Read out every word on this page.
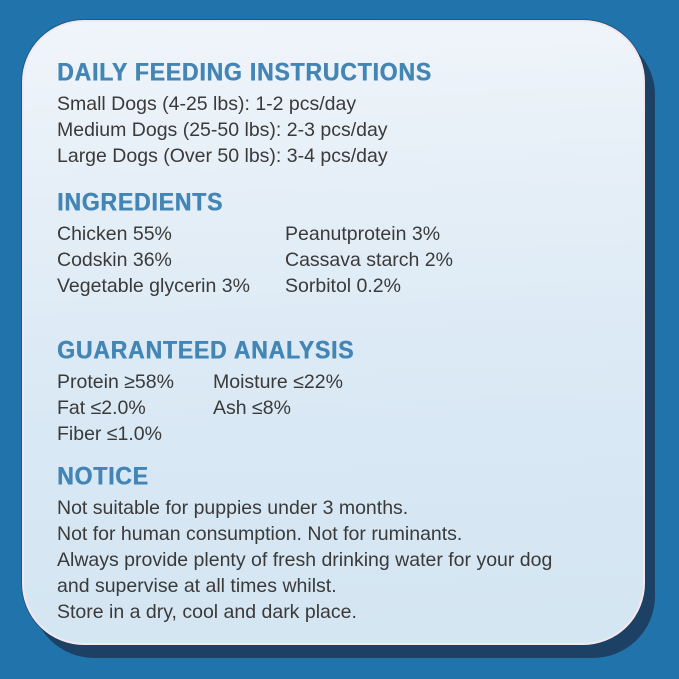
DAILY FEEDING INSTRUCTIONS
Small Dogs (4-25 lbs): 1-2 pcs/day
Medium Dogs (25-50 lbs): 2-3 pcs/day
Large Dogs (Over 50 lbs): 3-4 pcs/day
INGREDIENTS
Chicken 55%
Codskin 36%
Vegetable glycerin 3%
Peanutprotein 3%
Cassava starch 2%
Sorbitol 0.2%
GUARANTEED ANALYSIS
Protein ≥58%
Fat ≤2.0%
Fiber ≤1.0%
Moisture ≤22%
Ash ≤8%
NOTICE
Not suitable for puppies under 3 months.
Not for human consumption. Not for ruminants.
Always provide plenty of fresh drinking water for your dog
and supervise at all times whilst.
Store in a dry, cool and dark place.
